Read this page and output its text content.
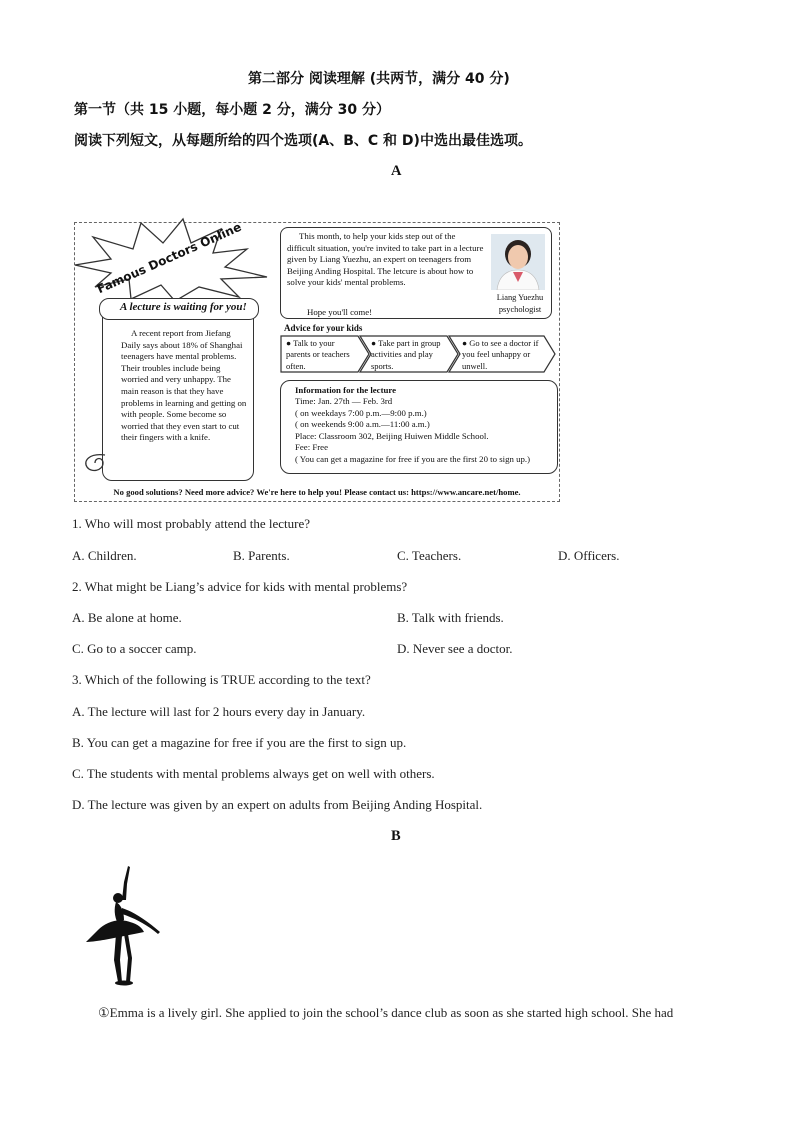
第二部分 阅读理解 (共两节，满分 40 分)
第一节（共 15 小题，每小题 2 分，满分 30 分）
阅读下列短文，从每题所给的四个选项(A、B、C 和 D)中选出最佳选项。
A
Famous Doctors Online
A lecture is waiting for you!
A recent report from Jiefang Daily says about 18% of Shanghai teenagers have mental problems. Their troubles include being worried and very unhappy. The main reason is that they have problems in learning and getting on with people. Some become so worried that they even start to cut their fingers with a knife.
This month, to help your kids step out of the difficult situation, you're invited to take part in a lecture given by Liang Yuezhu, an expert on teenagers from Beijing Anding Hospital. The letcure is about how to solve your kids' mental problems.
Hope you'll come!
Liang Yuezhu
psychologist
Advice for your kids
● Talk to your parents or teachers often.
● Take part in group activities and play sports.
● Go to see a doctor if you feel unhappy or unwell.
Information for the lecture
Time: Jan. 27th — Feb. 3rd
( on weekdays 7:00 p.m.—9:00 p.m.)
( on weekends 9:00 a.m.—11:00 a.m.)
Place: Classroom 302, Beijing Huiwen Middle School.
Fee: Free
( You can get a magazine for free if you are the first 20 to sign up.)
No good solutions? Need more advice? We're here to help you! Please contact us: https://www.ancare.net/home.
1. Who will most probably attend the lecture?
A. Children.	B. Parents.	C. Teachers.	D. Officers.
2. What might be Liang’s advice for kids with mental problems?
A. Be alone at home.	B. Talk with friends.
C. Go to a soccer camp.	D. Never see a doctor.
3. Which of the following is TRUE according to the text?
A. The lecture will last for 2 hours every day in January.
B. You can get a magazine for free if you are the first to sign up.
C. The students with mental problems always get on well with others.
D. The lecture was given by an expert on adults from Beijing Anding Hospital.
B
①Emma is a lively girl. She applied to join the school’s dance club as soon as she started high school. She had
